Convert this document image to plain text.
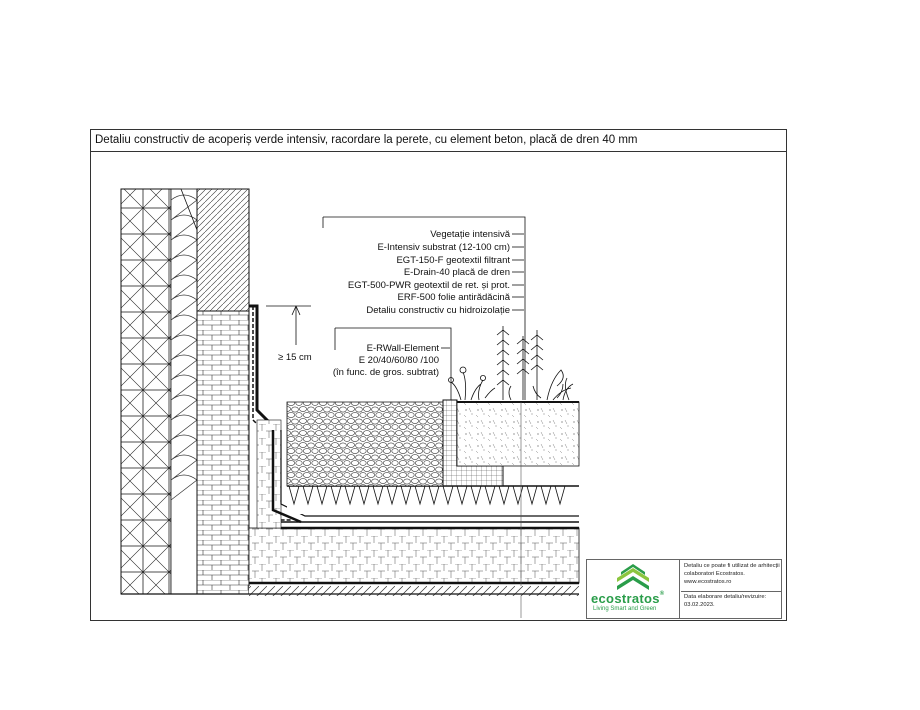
Detaliu constructiv de acoperiș verde intensiv, racordare la perete, cu element beton, placă de dren 40 mm
Vegetație intensivă
E-Intensiv substrat (12-100 cm)
EGT-150-F geotextil filtrant
E-Drain-40 placă de dren
EGT-500-PWR geotextil de ret. și prot.
ERF-500 folie antirădăcină
Detaliu constructiv cu hidroizolație
E-RWall-Element
E 20/40/60/80 /100
(în func. de gros. subtrat)
≥ 15 cm
ecostratos®
Living Smart and Green
Detaliu ce poate fi utilizat de arhitecții colaboratori Ecostratos.
www.ecostratos.ro
Data elaborare detaliu/revizuire:
03.02.2023.
